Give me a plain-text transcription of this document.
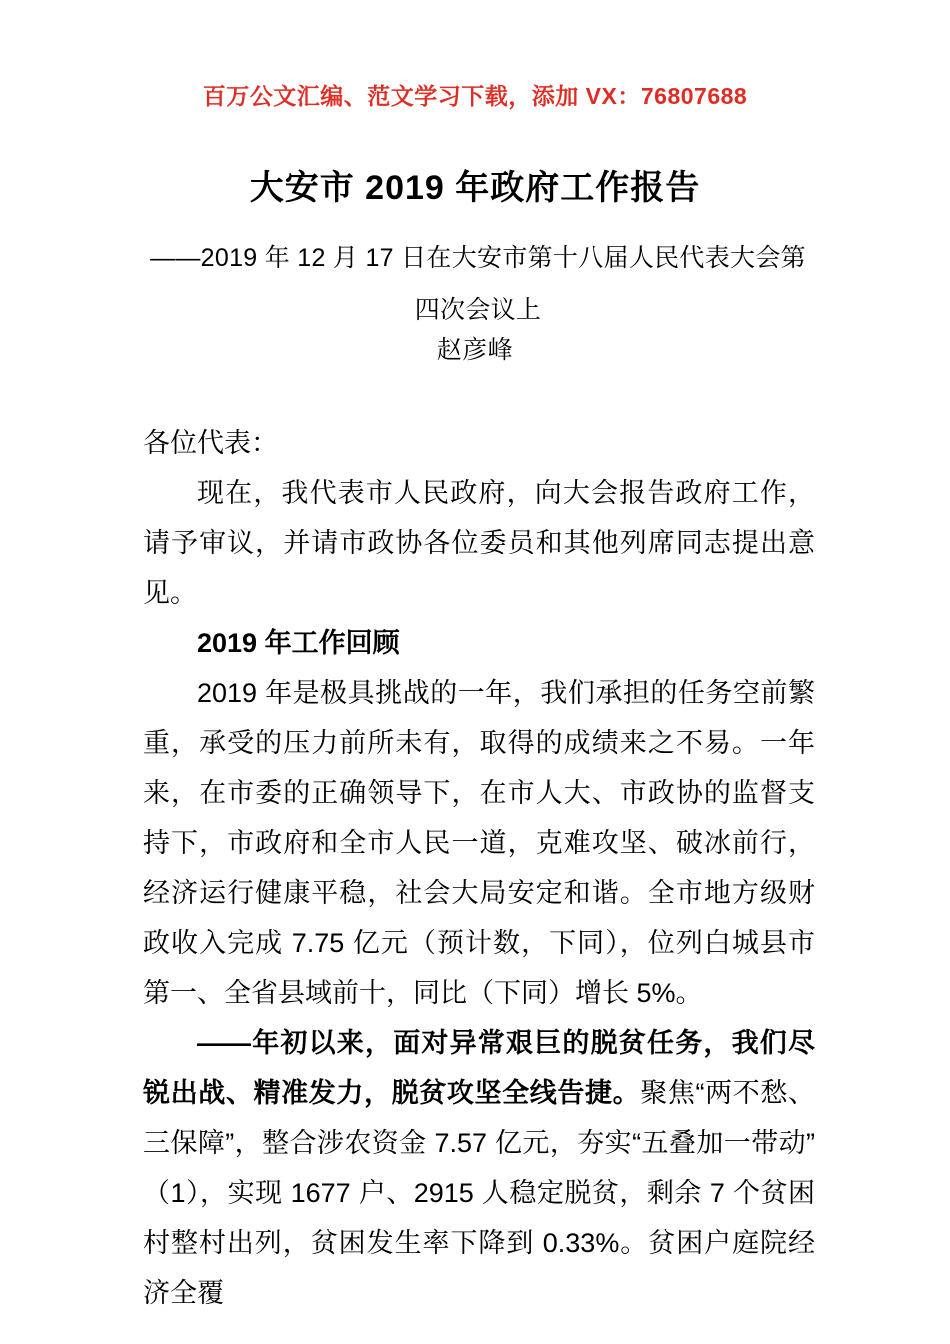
百万公文汇编、范文学习下载，添加 VX：76807688
大安市 2019 年政府工作报告
——2019 年 12 月 17 日在大安市第十八届人民代表大会第四次会议上
赵彦峰

各位代表：

现在，我代表市人民政府，向大会报告政府工作，请予审议，并请市政协各位委员和其他列席同志提出意见。

2019 年工作回顾

2019 年是极具挑战的一年，我们承担的任务空前繁重，承受的压力前所未有，取得的成绩来之不易。一年来，在市委的正确领导下，在市人大、市政协的监督支持下，市政府和全市人民一道，克难攻坚、破冰前行，经济运行健康平稳，社会大局安定和谐。全市地方级财政收入完成 7.75 亿元（预计数，下同），位列白城县市第一、全省县域前十，同比（下同）增长 5%。

——年初以来，面对异常艰巨的脱贫任务，我们尽锐出战、精准发力，脱贫攻坚全线告捷。聚焦“两不愁、三保障”，整合涉农资金 7.57 亿元，夯实“五叠加一带动”（1），实现 1677 户、2915 人稳定脱贫，剩余 7 个贫困村整村出列，贫困发生率下降到 0.33%。贫困户庭院经济全覆
